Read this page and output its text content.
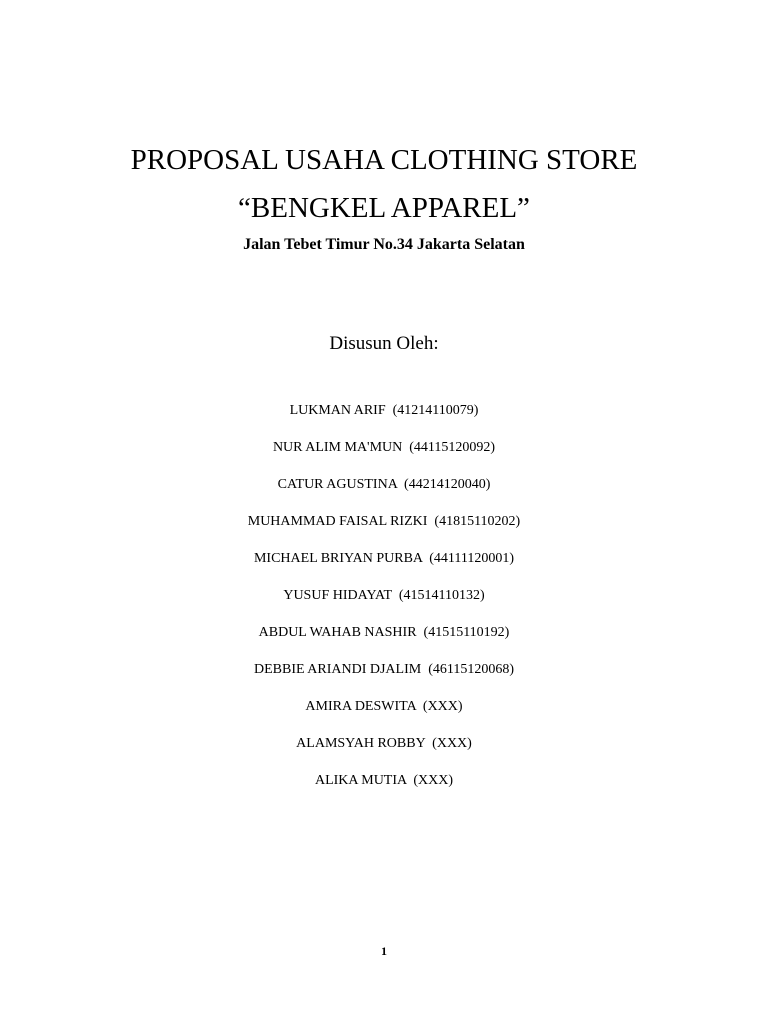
PROPOSAL USAHA CLOTHING STORE
“BENGKEL APPAREL”
Jalan Tebet Timur No.34 Jakarta Selatan
Disusun Oleh:
LUKMAN ARIF  (41214110079)
NUR ALIM MA'MUN  (44115120092)
CATUR AGUSTINA  (44214120040)
MUHAMMAD FAISAL RIZKI  (41815110202)
MICHAEL BRIYAN PURBA  (44111120001)
YUSUF HIDAYAT  (41514110132)
ABDUL WAHAB NASHIR  (41515110192)
DEBBIE ARIANDI DJALIM  (46115120068)
AMIRA DESWITA  (XXX)
ALAMSYAH ROBBY  (XXX)
ALIKA MUTIA  (XXX)
1
